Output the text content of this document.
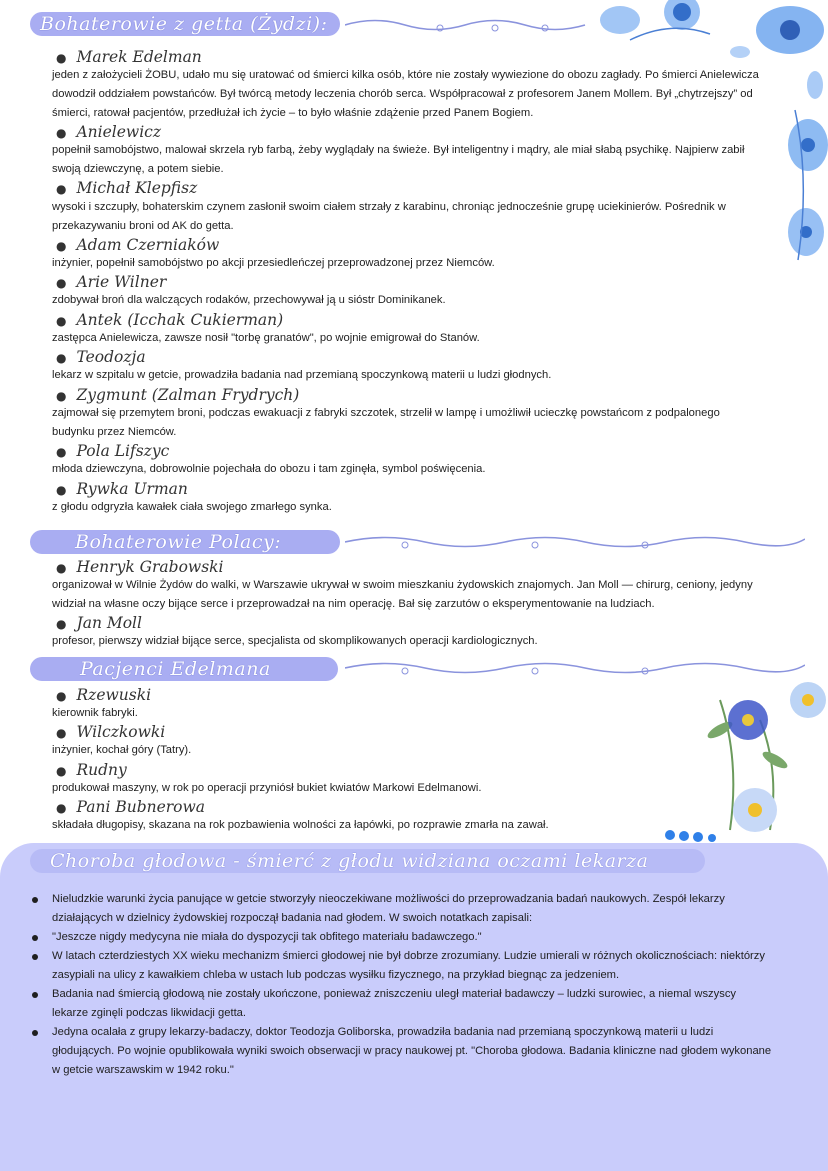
Bohaterowie z getta (Żydzi):
● Marek Edelman
jeden z założycieli ŻOBU, udało mu się uratować od śmierci kilka osób, które nie zostały wywiezione do obozu zagłady. Po śmierci Anielewicza dowodził oddziałem powstańców. Był twórcą metody leczenia chorób serca. Współpracował z profesorem Janem Mollem. Był „chytrzejszy” od śmierci, ratował pacjentów, przedłużał ich życie – to było właśnie zdążenie przed Panem Bogiem.
● Anielewicz
popełnił samobójstwo, malował skrzela ryb farbą, żeby wyglądały na świeże. Był inteligentny i mądry, ale miał słabą psychikę. Najpierw zabił swoją dziewczynę, a potem siebie.
● Michał Klepfisz
wysoki i szczupły, bohaterskim czynem zasłonił swoim ciałem strzały z karabinu, chroniąc jednocześnie grupę uciekinierów. Pośrednik w przekazywaniu broni od AK do getta.
● Adam Czerniaków
inżynier, popełnił samobójstwo po akcji przesiedleńczej przeprowadzonej przez Niemców.
● Arie Wilner
zdobywał broń dla walczących rodaków, przechowywał ją u sióstr Dominikanek.
● Antek (Icchak Cukierman)
zastępca Anielewicza, zawsze nosił "torbę granatów", po wojnie emigrował do Stanów.
● Teodozja
lekarz w szpitalu w getcie, prowadziła badania nad przemianą spoczynkową materii u ludzi głodnych.
● Zygmunt (Zalman Frydrych)
zajmował się przemytem broni, podczas ewakuacji z fabryki szczotek, strzelił w lampę i umożliwił ucieczkę powstańcom z podpalonego budynku przez Niemców.
● Pola Lifszyc
młoda dziewczyna, dobrowolnie pojechała do obozu i tam zginęła, symbol poświęcenia.
● Rywka Urman
z głodu odgryzła kawałek ciała swojego zmarłego synka.
Bohaterowie Polacy:
● Henryk Grabowski
organizował w Wilnie Żydów do walki, w Warszawie ukrywał w swoim mieszkaniu żydowskich znajomych. Jan Moll — chirurg, ceniony, jedyny widział na własne oczy bijące serce i przeprowadzał na nim operację. Bał się zarzutów o eksperymentowanie na ludziach.
● Jan Moll
profesor, pierwszy widział bijące serce, specjalista od skomplikowanych operacji kardiologicznych.
Pacjenci Edelmana
● Rzewuski
kierownik fabryki.
● Wilczkowki
inżynier, kochał góry (Tatry).
● Rudny
produkował maszyny, w rok po operacji przyniósł bukiet kwiatów Markowi Edelmanowi.
● Pani Bubnerowa
składała długopisy, skazana na rok pozbawienia wolności za łapówki, po rozprawie zmarła na zawał.
Choroba głodowa - śmierć z głodu widziana oczami lekarza
Nieludzkie warunki życia panujące w getcie stworzyły nieoczekiwane możliwości do przeprowadzania badań naukowych. Zespół lekarzy działających w dzielnicy żydowskiej rozpoczął badania nad głodem. W swoich notatkach zapisali:
"Jeszcze nigdy medycyna nie miała do dyspozycji tak obfitego materiału badawczego."
W latach czterdziestych XX wieku mechanizm śmierci głodowej nie był dobrze zrozumiany. Ludzie umierali w różnych okolicznościach: niektórzy zasypiali na ulicy z kawałkiem chleba w ustach lub podczas wysiłku fizycznego, na przykład biegnąc za jedzeniem.
Badania nad śmiercią głodową nie zostały ukończone, ponieważ zniszczeniu uległ materiał badawczy – ludzki surowiec, a niemal wszyscy lekarze zginęli podczas likwidacji getta.
Jedyna ocalała z grupy lekarzy-badaczy, doktor Teodozja Goliborska, prowadziła badania nad przemianą spoczynkową materii u ludzi głodujących. Po wojnie opublikowała wyniki swoich obserwacji w pracy naukowej pt. "Choroba głodowa. Badania kliniczne nad głodem wykonane w getcie warszawskim w 1942 roku."
